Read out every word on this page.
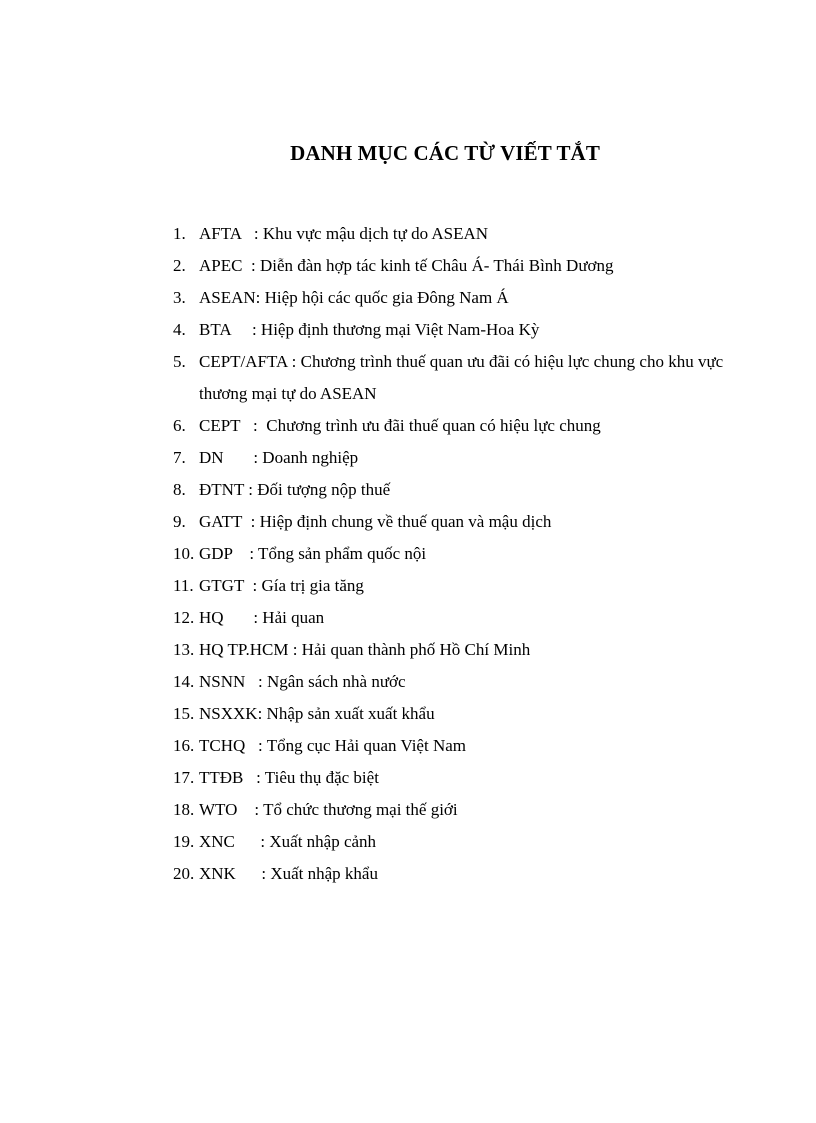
DANH MỤC CÁC TỪ VIẾT TẮT
1. AFTA : Khu vực mậu dịch tự do ASEAN
2. APEC : Diễn đàn hợp tác kinh tế Châu Á- Thái Bình Dương
3. ASEAN : Hiệp hội các quốc gia Đông Nam Á
4. BTA : Hiệp định thương mại Việt Nam-Hoa Kỳ
5. CEPT/AFTA : Chương trình thuế quan ưu đãi có hiệu lực chung cho khu vực thương mại tự do ASEAN
6. CEPT :  Chương trình ưu đãi thuế quan có hiệu lực chung
7. DN : Doanh nghiệp
8. ĐTNT : Đối tượng nộp thuế
9. GATT : Hiệp định chung về thuế quan và mậu dịch
10. GDP : Tổng sản phẩm quốc nội
11. GTGT : Gía trị gia tăng
12. HQ : Hải quan
13. HQ TP.HCM : Hải quan thành phố Hồ Chí Minh
14. NSNN : Ngân sách nhà nước
15. NSXXK : Nhập sản xuất xuất khẩu
16. TCHQ : Tổng cục Hải quan Việt Nam
17. TTĐB : Tiêu thụ đặc biệt
18. WTO : Tổ chức thương mại thế giới
19. XNC : Xuất nhập cảnh
20. XNK : Xuất nhập khẩu
